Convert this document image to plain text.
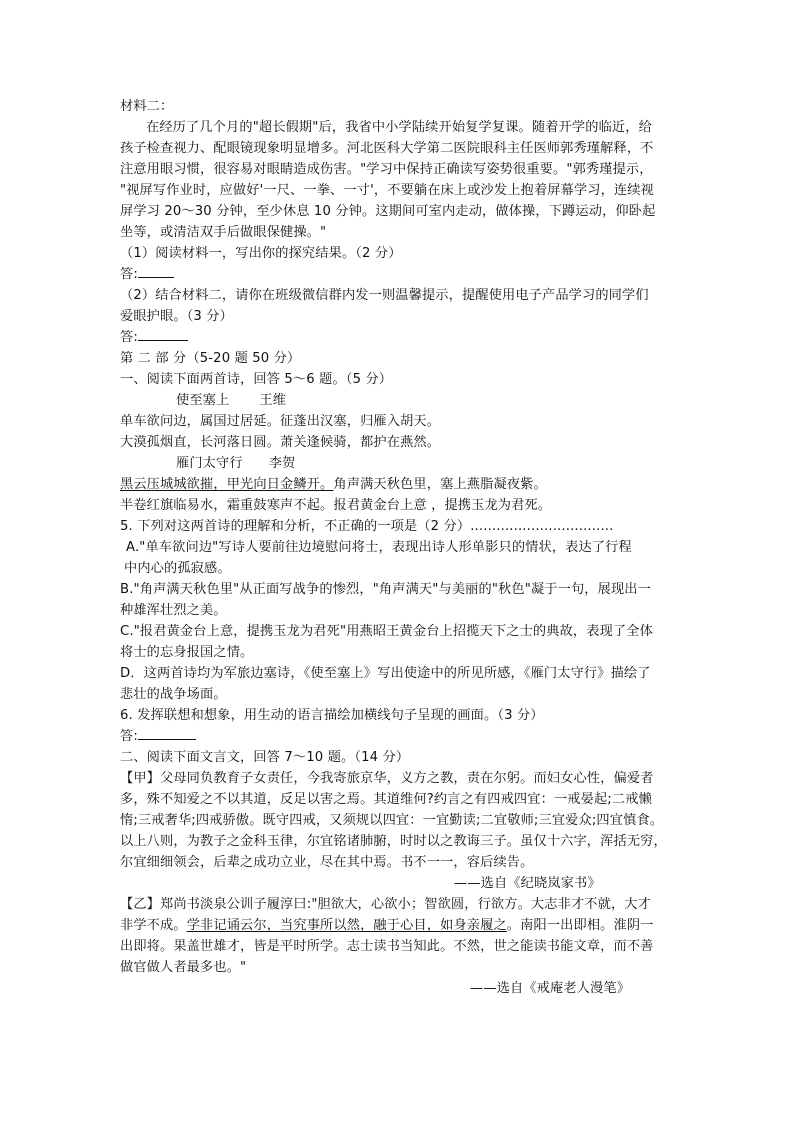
材料二：
在经历了几个月的"超长假期"后，我省中小学陆续开始复学复课。随着开学的临近，给
孩子检查视力、配眼镜现象明显增多。河北医科大学第二医院眼科主任医师郭秀瑾解释，不
注意用眼习惯，很容易对眼睛造成伤害。"学习中保持正确读写姿势很重要。"郭秀瑾提示，
"视屏写作业时，应做好'一尺、一拳、一寸'，不要躺在床上或沙发上抱着屏幕学习，连续视
屏学习 20～30 分钟，至少休息 10 分钟。这期间可室内走动，做体操，下蹲运动，仰卧起
坐等，或清洁双手后做眼保健操。"
（1）阅读材料一，写出你的探究结果。（2 分）
答:
（2）结合材料二，请你在班级微信群内发一则温馨提示，提醒使用电子产品学习的同学们
爱眼护眼。（3 分）
答:
第 二 部 分（5-20 题 50 分）
一、阅读下面两首诗，回答 5～6 题。（5 分）
使至塞上 王维
单车欲问边，属国过居延。征蓬出汉塞，归雁入胡天。
大漠孤烟直，长河落日圆。萧关逢候骑，都护在燕然。
雁门太守行 李贺
黑云压城城欲摧，甲光向日金鳞开。角声满天秋色里，塞上燕脂凝夜紫。
半卷红旗临易水，霜重鼓寒声不起。报君黄金台上意 ，提携玉龙为君死。
5. 下列对这两首诗的理解和分析，不正确的一项是（2 分）.................................
A."单车欲问边"写诗人要前往边境慰问将士，表现出诗人形单影只的情状，表达了行程
中内心的孤寂感。
B."角声满天秋色里"从正面写战争的惨烈，"角声满天"与美丽的"秋色"凝于一句，展现出一
种雄浑壮烈之美。
C."报君黄金台上意，提携玉龙为君死"用燕昭王黄金台上招揽天下之士的典故，表现了全体
将士的忘身报国之情。
D．这两首诗均为军旅边塞诗，《使至塞上》写出使途中的所见所感，《雁门太守行》描绘了
悲壮的战争场面。
6. 发挥联想和想象，用生动的语言描绘加横线句子呈现的画面。（3 分）
答:
二、阅读下面文言文，回答 7～10 题。（14 分）
【甲】父母同负教育子女责任，今我寄旅京华，义方之教，责在尔躬。而妇女心性，偏爱者
多，殊不知爱之不以其道，反足以害之焉。其道维何?约言之有四戒四宜：一戒晏起;二戒懒
惰;三戒奢华;四戒骄傲。既守四戒，又须规以四宜：一宜勤读;二宜敬师;三宜爱众;四宜慎食。
以上八则，为教子之金科玉律，尔宜铭诸肺腑，时时以之教诲三子。虽仅十六字，浑括无穷，
尔宜细细领会，后辈之成功立业，尽在其中焉。书不一一，容后续告。
——选自《纪晓岚家书》
【乙】郑尚书淡泉公训子履淳曰:"胆欲大，心欲小；智欲圆，行欲方。大志非才不就，大才
非学不成。学非记诵云尔，当究事所以然，融于心目，如身亲履之。南阳一出即相。淮阴一
出即将。果盖世雄才，皆是平时所学。志士读书当知此。不然，世之能读书能文章，而不善
做官做人者最多也。"
——选自《戒庵老人漫笔》
